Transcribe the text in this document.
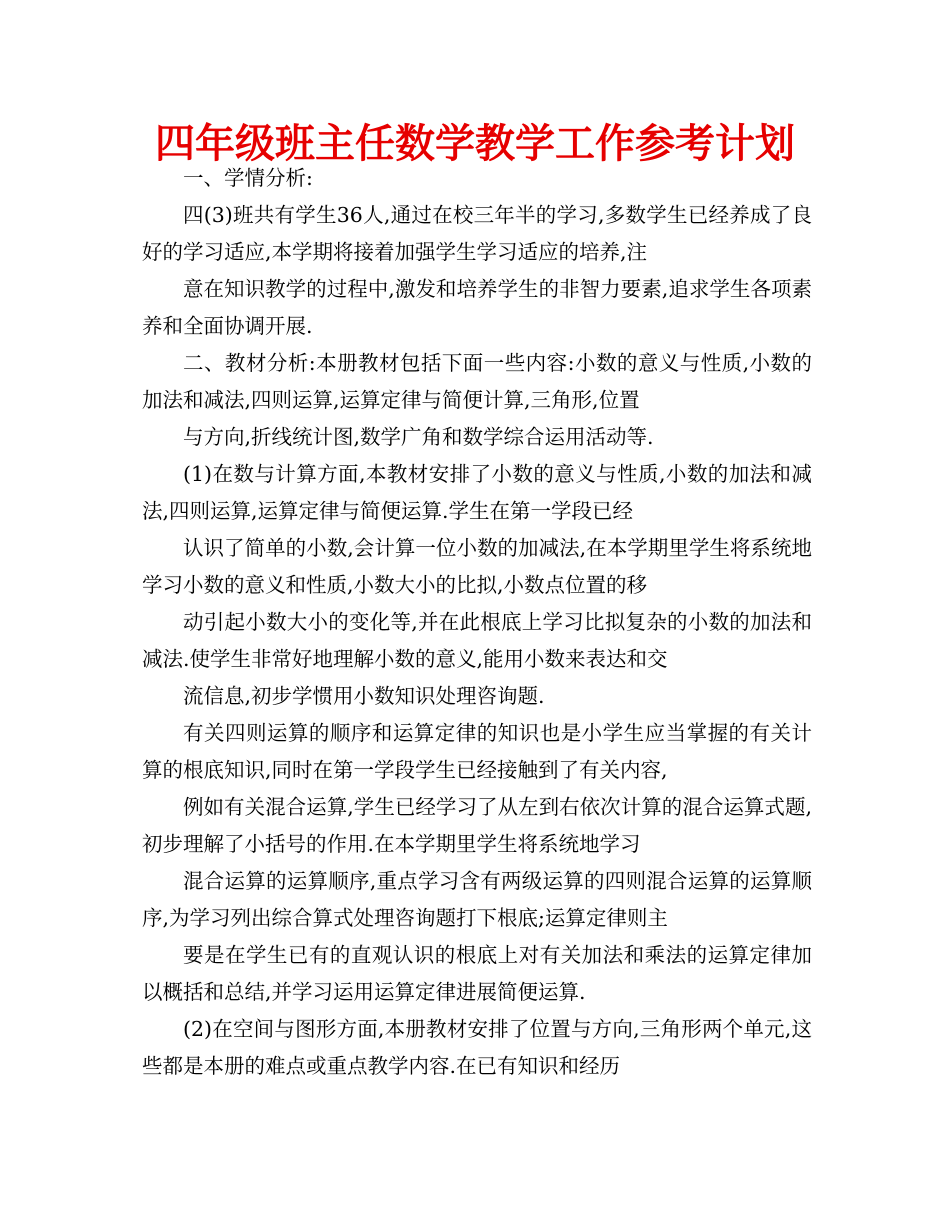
四年级班主任数学教学工作参考计划

一、学情分析:

四(3)班共有学生36人,通过在校三年半的学习,多数学生已经养成了良好的学习适应,本学期将接着加强学生学习适应的培养,注

意在知识教学的过程中,激发和培养学生的非智力要素,追求学生各项素养和全面协调开展.

二、教材分析:本册教材包括下面一些内容:小数的意义与性质,小数的加法和减法,四则运算,运算定律与简便计算,三角形,位置

与方向,折线统计图,数学广角和数学综合运用活动等.

(1)在数与计算方面,本教材安排了小数的意义与性质,小数的加法和减法,四则运算,运算定律与简便运算.学生在第一学段已经

认识了简单的小数,会计算一位小数的加减法,在本学期里学生将系统地学习小数的意义和性质,小数大小的比拟,小数点位置的移

动引起小数大小的变化等,并在此根底上学习比拟复杂的小数的加法和减法.使学生非常好地理解小数的意义,能用小数来表达和交

流信息,初步学惯用小数知识处理咨询题.

有关四则运算的顺序和运算定律的知识也是小学生应当掌握的有关计算的根底知识,同时在第一学段学生已经接触到了有关内容,

例如有关混合运算,学生已经学习了从左到右依次计算的混合运算式题,初步理解了小括号的作用.在本学期里学生将系统地学习

混合运算的运算顺序,重点学习含有两级运算的四则混合运算的运算顺序,为学习列出综合算式处理咨询题打下根底;运算定律则主

要是在学生已有的直观认识的根底上对有关加法和乘法的运算定律加以概括和总结,并学习运用运算定律进展简便运算.

(2)在空间与图形方面,本册教材安排了位置与方向,三角形两个单元,这些都是本册的难点或重点教学内容.在已有知识和经历
